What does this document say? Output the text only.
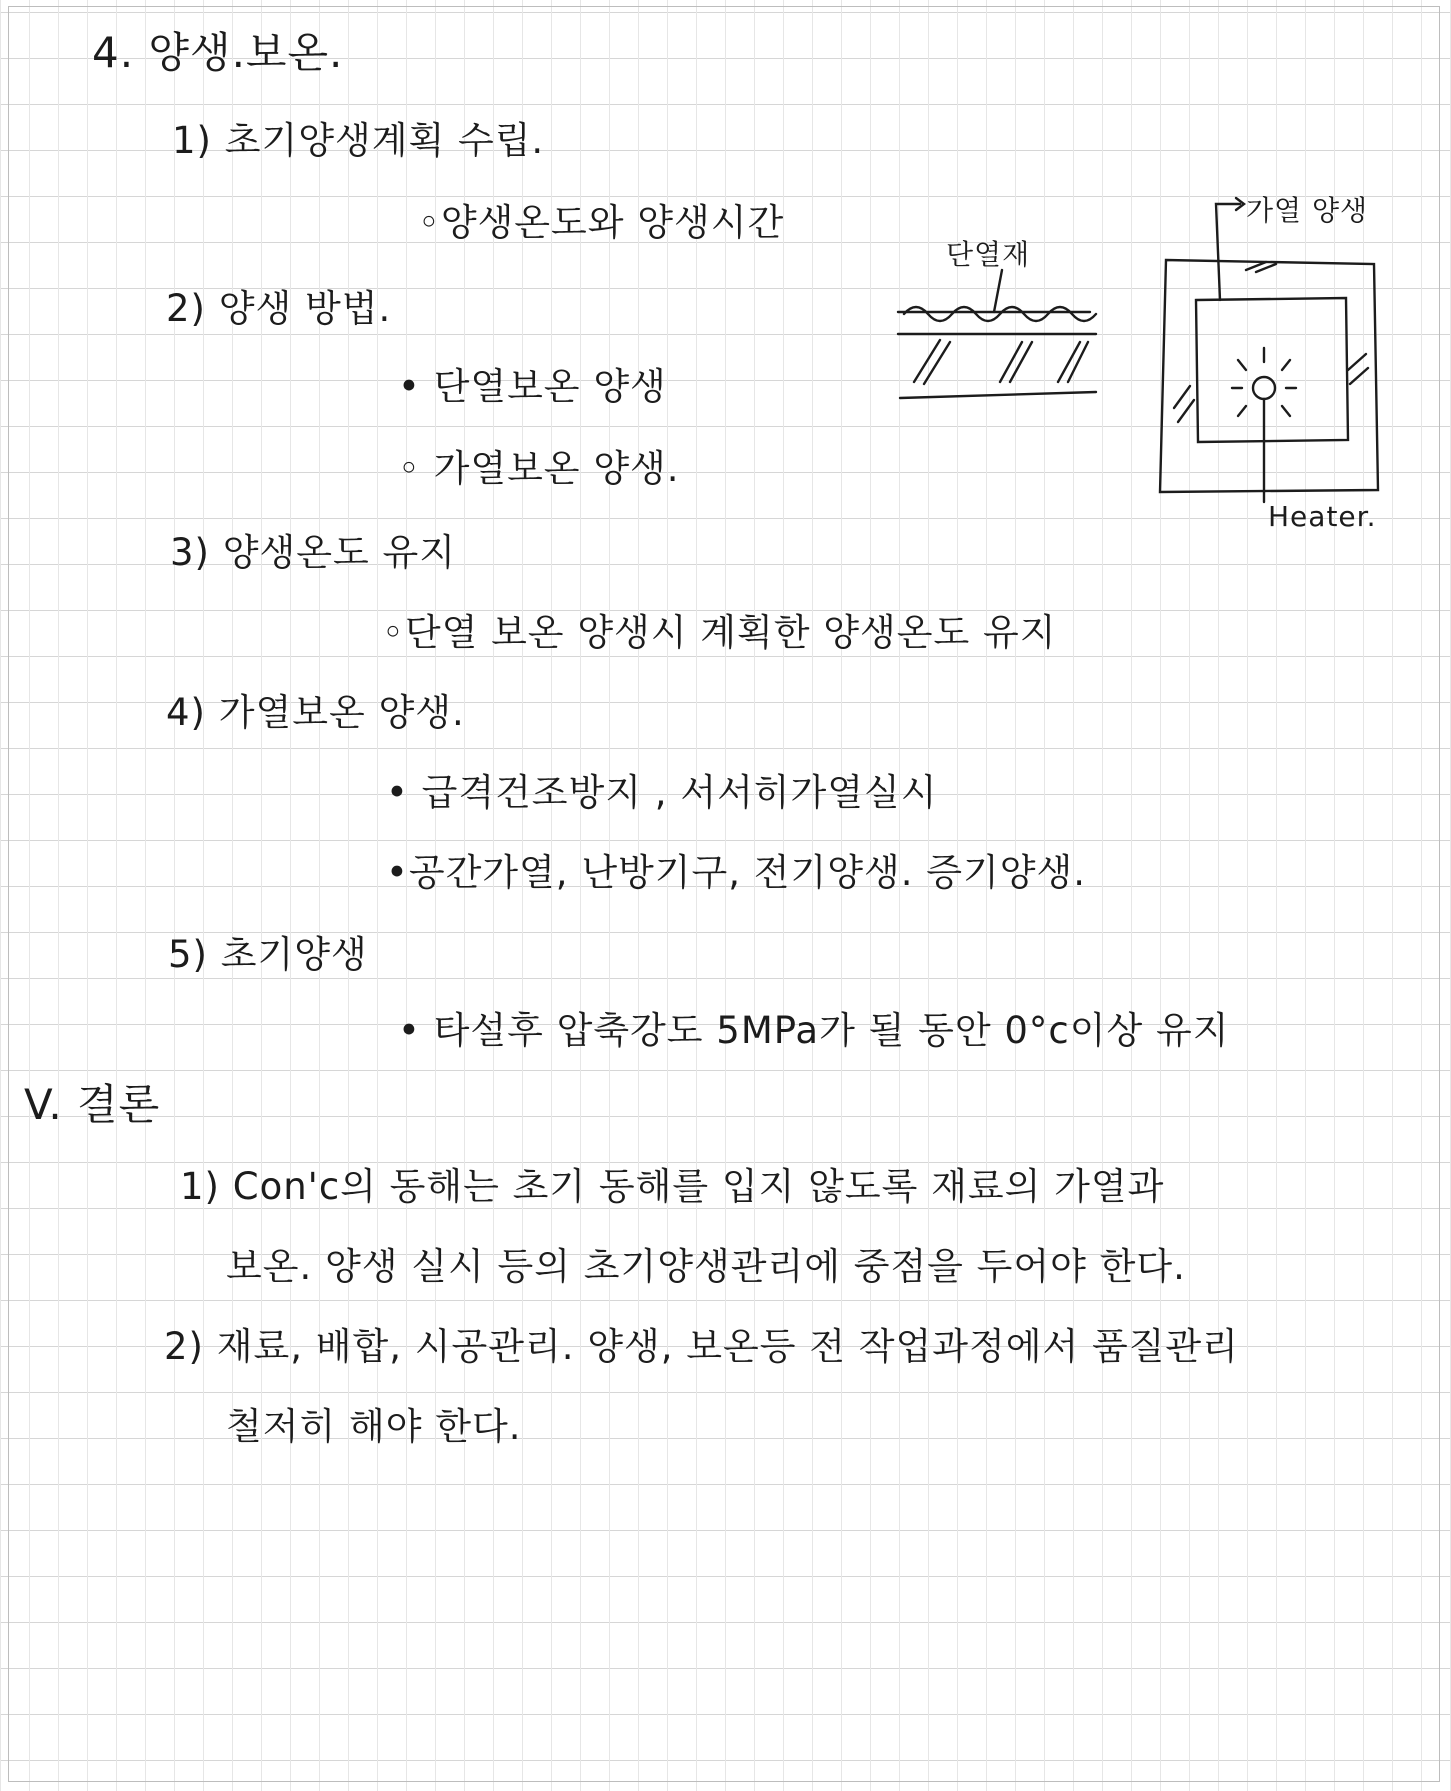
4. 양생.보온.
1) 초기양생계획 수립.
◦양생온도와 양생시간
2) 양생 방법.
• 단열보온 양생
◦ 가열보온 양생.
3) 양생온도 유지
◦단열 보온 양생시 계획한 양생온도 유지
4) 가열보온 양생.
• 급격건조방지 , 서서히가열실시
•공간가열, 난방기구, 전기양생. 증기양생.
5) 초기양생
• 타설후 압축강도 5MPa가 될 동안 0°c이상 유지
단열재
가열 양생
Heater.
V. 결론
1) Con'c의 동해는 초기 동해를 입지 않도록 재료의 가열과
보온. 양생 실시 등의 초기양생관리에 중점을 두어야 한다.
2) 재료, 배합, 시공관리. 양생, 보온등 전 작업과정에서 품질관리
철저히 해야 한다.
